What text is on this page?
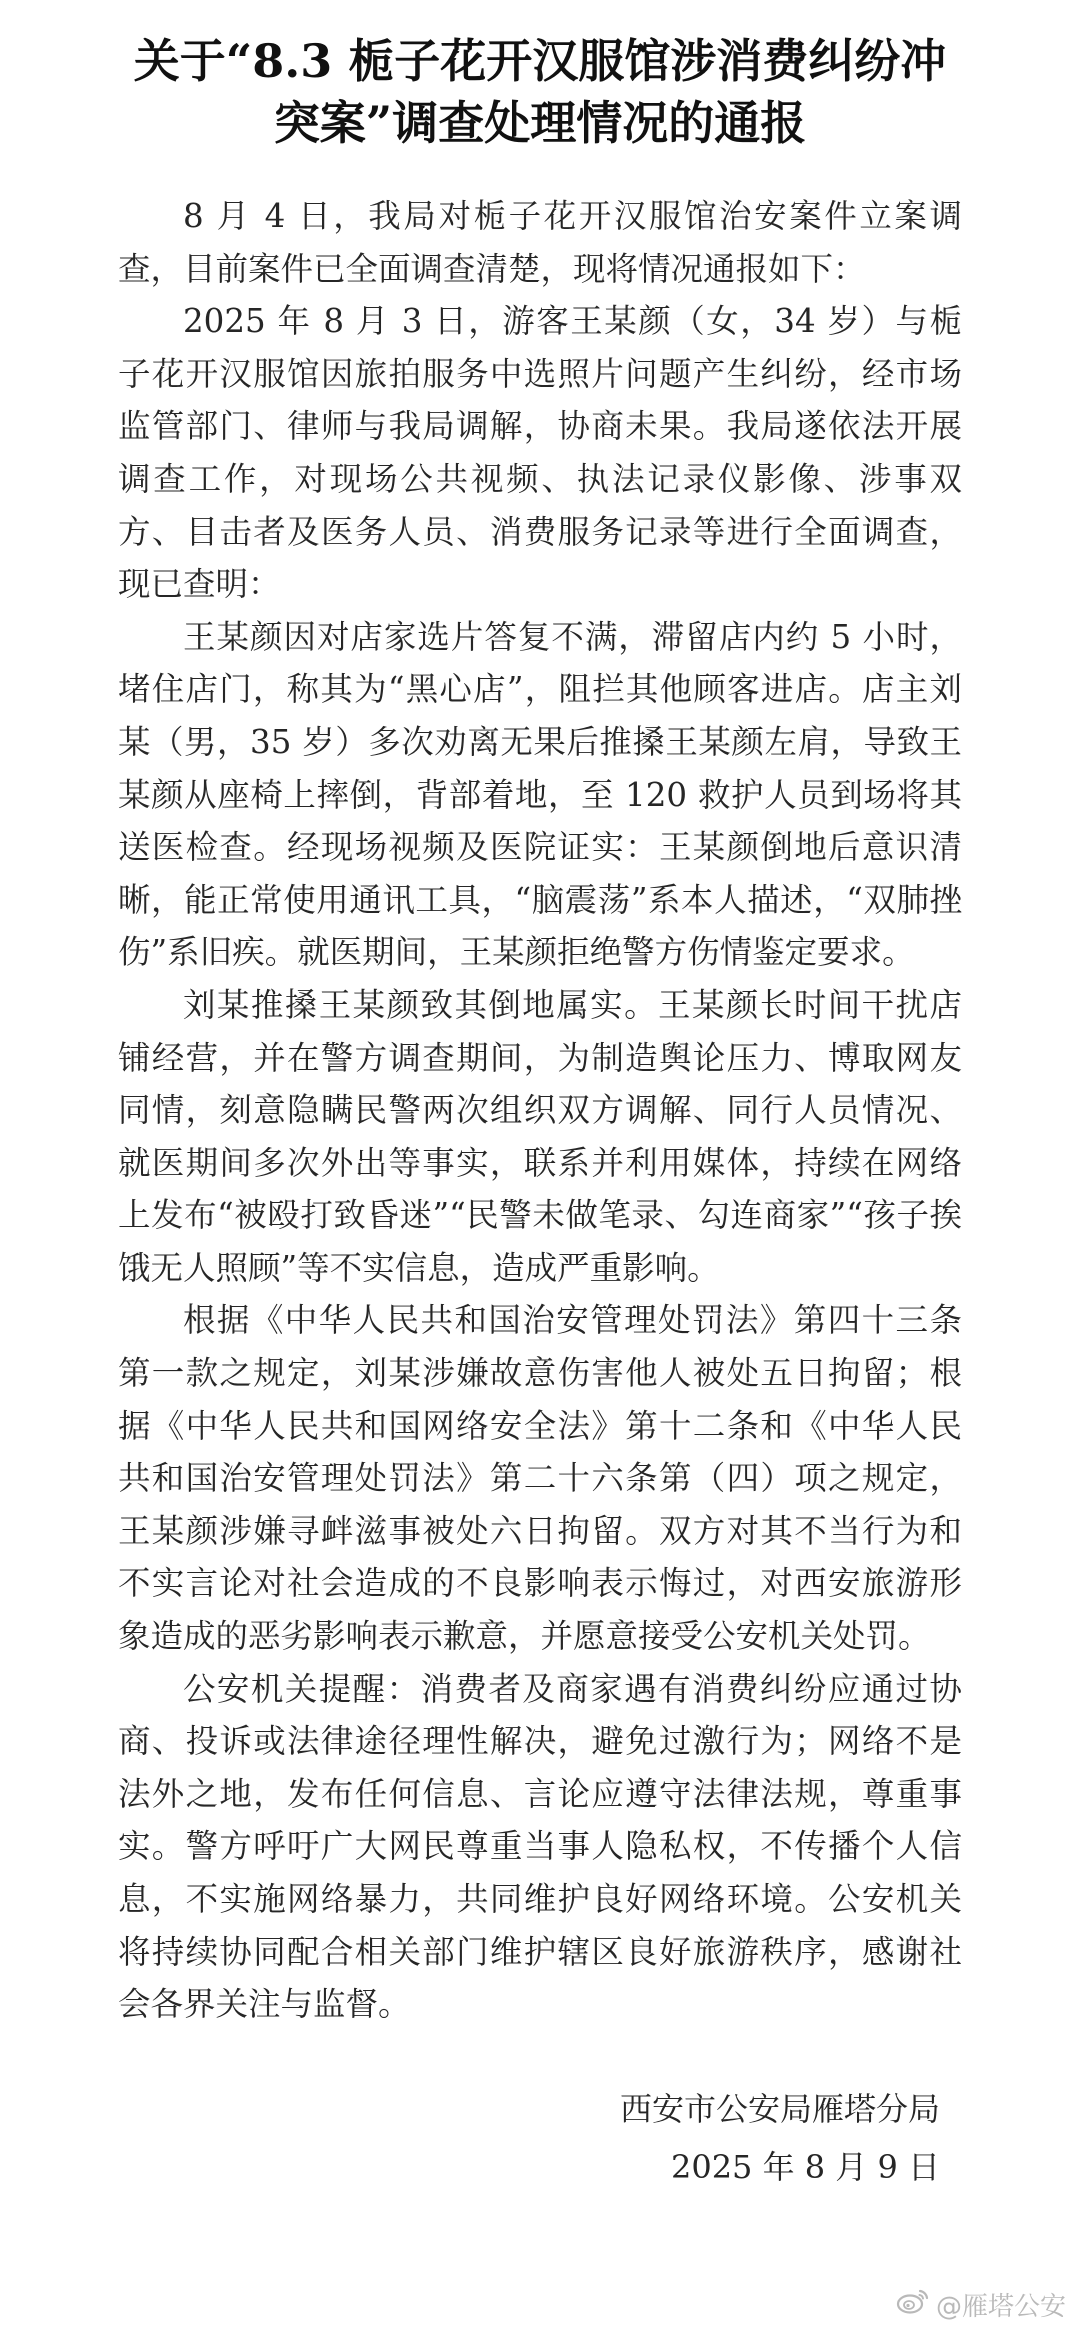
关于“8.3 栀子花开汉服馆涉消费纠纷冲突案”调查处理情况的通报

8 月 4 日，我局对栀子花开汉服馆治安案件立案调查，目前案件已全面调查清楚，现将情况通报如下：

2025 年 8 月 3 日，游客王某颜（女，34 岁）与栀子花开汉服馆因旅拍服务中选照片问题产生纠纷，经市场监管部门、律师与我局调解，协商未果。我局遂依法开展调查工作，对现场公共视频、执法记录仪影像、涉事双方、目击者及医务人员、消费服务记录等进行全面调查，现已查明：

王某颜因对店家选片答复不满，滞留店内约 5 小时，堵住店门，称其为“黑心店”，阻拦其他顾客进店。店主刘某（男，35 岁）多次劝离无果后推搡王某颜左肩，导致王某颜从座椅上摔倒，背部着地，至 120 救护人员到场将其送医检查。经现场视频及医院证实：王某颜倒地后意识清晰，能正常使用通讯工具，“脑震荡”系本人描述，“双肺挫伤”系旧疾。就医期间，王某颜拒绝警方伤情鉴定要求。

刘某推搡王某颜致其倒地属实。王某颜长时间干扰店铺经营，并在警方调查期间，为制造舆论压力、博取网友同情，刻意隐瞒民警两次组织双方调解、同行人员情况、就医期间多次外出等事实，联系并利用媒体，持续在网络上发布“被殴打致昏迷”“民警未做笔录、勾连商家”“孩子挨饿无人照顾”等不实信息，造成严重影响。

根据《中华人民共和国治安管理处罚法》第四十三条第一款之规定，刘某涉嫌故意伤害他人被处五日拘留；根据《中华人民共和国网络安全法》第十二条和《中华人民共和国治安管理处罚法》第二十六条第（四）项之规定，王某颜涉嫌寻衅滋事被处六日拘留。双方对其不当行为和不实言论对社会造成的不良影响表示悔过，对西安旅游形象造成的恶劣影响表示歉意，并愿意接受公安机关处罚。

公安机关提醒：消费者及商家遇有消费纠纷应通过协商、投诉或法律途径理性解决，避免过激行为；网络不是法外之地，发布任何信息、言论应遵守法律法规，尊重事实。警方呼吁广大网民尊重当事人隐私权，不传播个人信息，不实施网络暴力，共同维护良好网络环境。公安机关将持续协同配合相关部门维护辖区良好旅游秩序，感谢社会各界关注与监督。

西安市公安局雁塔分局
2025 年 8 月 9 日
@雁塔公安
